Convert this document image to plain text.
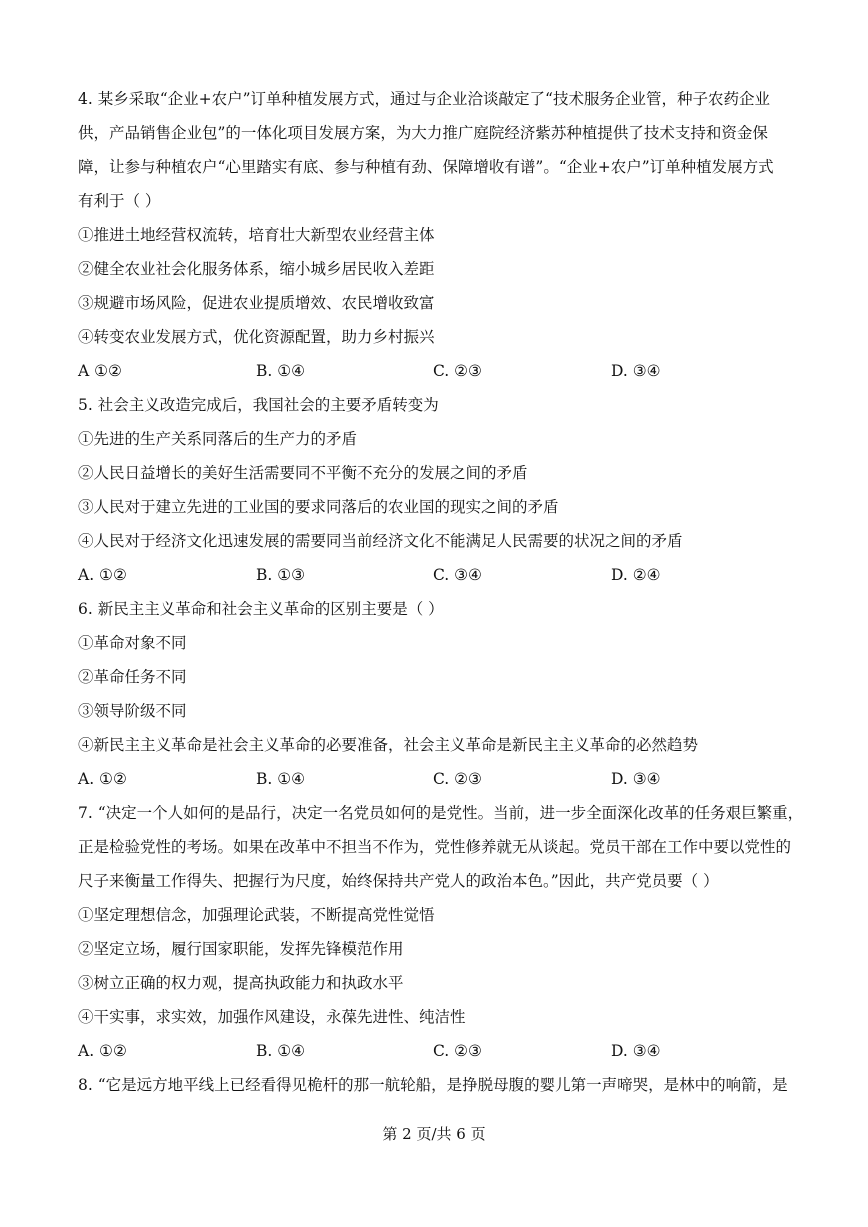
4. 某乡采取“企业+农户”订单种植发展方式，通过与企业洽谈敲定了“技术服务企业管，种子农药企业
供，产品销售企业包”的一体化项目发展方案，为大力推广庭院经济紫苏种植提供了技术支持和资金保
障，让参与种植农户“心里踏实有底、参与种植有劲、保障增收有谱”。“企业+农户”订单种植发展方式
有利于（ ）
①推进土地经营权流转，培育壮大新型农业经营主体
②健全农业社会化服务体系，缩小城乡居民收入差距
③规避市场风险，促进农业提质增效、农民增收致富
④转变农业发展方式，优化资源配置，助力乡村振兴
A ①②	B. ①④	C. ②③	D. ③④
5. 社会主义改造完成后，我国社会的主要矛盾转变为
①先进的生产关系同落后的生产力的矛盾
②人民日益增长的美好生活需要同不平衡不充分的发展之间的矛盾
③人民对于建立先进的工业国的要求同落后的农业国的现实之间的矛盾
④人民对于经济文化迅速发展的需要同当前经济文化不能满足人民需要的状况之间的矛盾
A. ①②	B. ①③	C. ③④	D. ②④
6. 新民主主义革命和社会主义革命的区别主要是（ ）
①革命对象不同
②革命任务不同
③领导阶级不同
④新民主主义革命是社会主义革命的必要准备，社会主义革命是新民主主义革命的必然趋势
A. ①②	B. ①④	C. ②③	D. ③④
7. “决定一个人如何的是品行，决定一名党员如何的是党性。当前，进一步全面深化改革的任务艰巨繁重，
正是检验党性的考场。如果在改革中不担当不作为，党性修养就无从谈起。党员干部在工作中要以党性的
尺子来衡量工作得失、把握行为尺度，始终保持共产党人的政治本色。”因此，共产党员要（ ）
①坚定理想信念，加强理论武装，不断提高党性觉悟
②坚定立场，履行国家职能，发挥先锋模范作用
③树立正确的权力观，提高执政能力和执政水平
④干实事，求实效，加强作风建设，永葆先进性、纯洁性
A. ①②	B. ①④	C. ②③	D. ③④
8. “它是远方地平线上已经看得见桅杆的那一航轮船，是挣脱母腹的婴儿第一声啼哭，是林中的响箭，是
第 2 页/共 6 页
